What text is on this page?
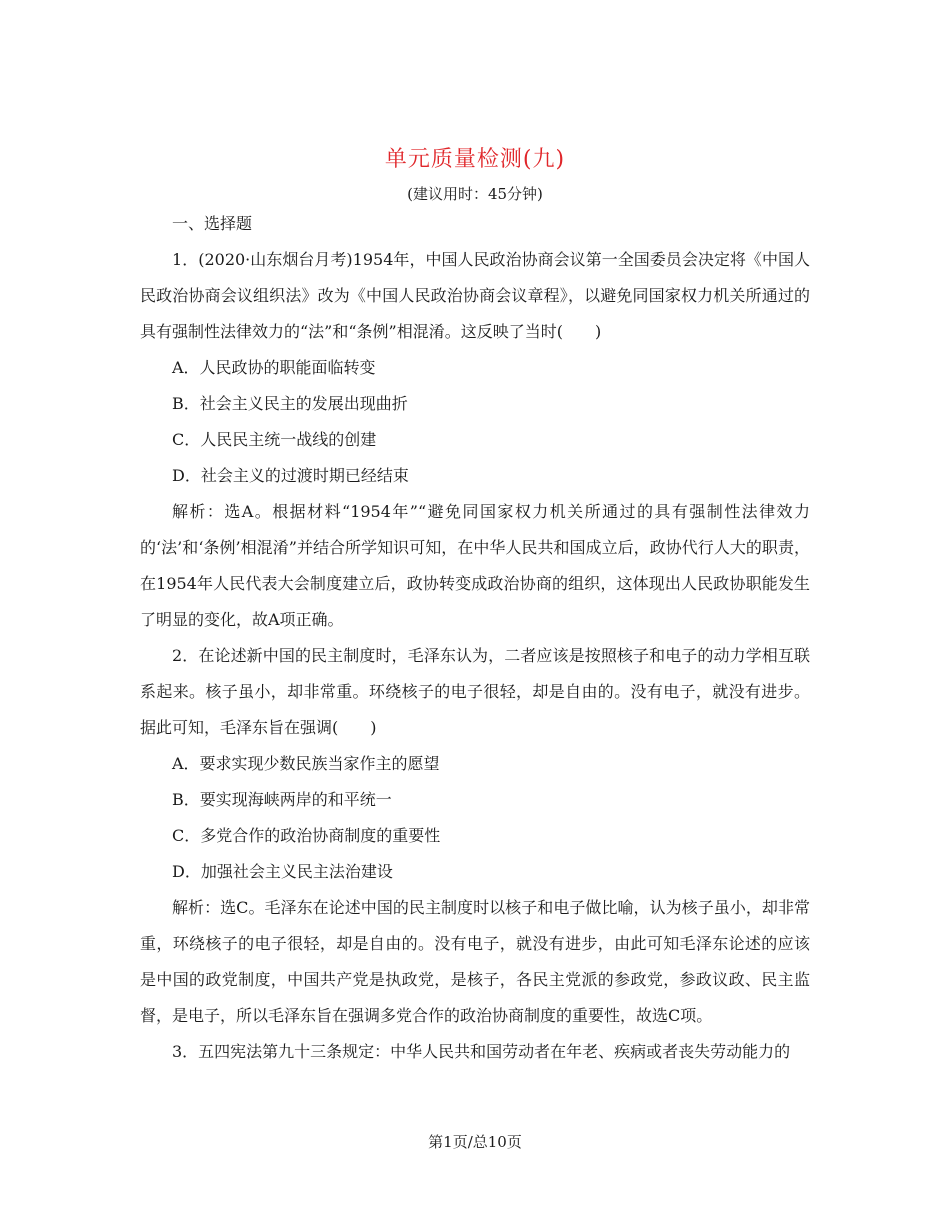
单元质量检测(九)
(建议用时：45分钟)

一、选择题

1．(2020·山东烟台月考)1954年，中国人民政治协商会议第一全国委员会决定将《中国人民政治协商会议组织法》改为《中国人民政治协商会议章程》，以避免同国家权力机关所通过的具有强制性法律效力的“法”和“条例”相混淆。这反映了当时(　　)

A．人民政协的职能面临转变

B．社会主义民主的发展出现曲折

C．人民民主统一战线的创建

D．社会主义的过渡时期已经结束

解析：选A。根据材料“1954年”“避免同国家权力机关所通过的具有强制性法律效力的‘法’和‘条例’相混淆”并结合所学知识可知，在中华人民共和国成立后，政协代行人大的职责，在1954年人民代表大会制度建立后，政协转变成政治协商的组织，这体现出人民政协职能发生了明显的变化，故A项正确。

2．在论述新中国的民主制度时，毛泽东认为，二者应该是按照核子和电子的动力学相互联系起来。核子虽小，却非常重。环绕核子的电子很轻，却是自由的。没有电子，就没有进步。据此可知，毛泽东旨在强调(　　)

A．要求实现少数民族当家作主的愿望

B．要实现海峡两岸的和平统一

C．多党合作的政治协商制度的重要性

D．加强社会主义民主法治建设

解析：选C。毛泽东在论述中国的民主制度时以核子和电子做比喻，认为核子虽小，却非常重，环绕核子的电子很轻，却是自由的。没有电子，就没有进步，由此可知毛泽东论述的应该是中国的政党制度，中国共产党是执政党，是核子，各民主党派的参政党，参政议政、民主监督，是电子，所以毛泽东旨在强调多党合作的政治协商制度的重要性，故选C项。

3．五四宪法第九十三条规定：中华人民共和国劳动者在年老、疾病或者丧失劳动能力的

第1页/总10页
